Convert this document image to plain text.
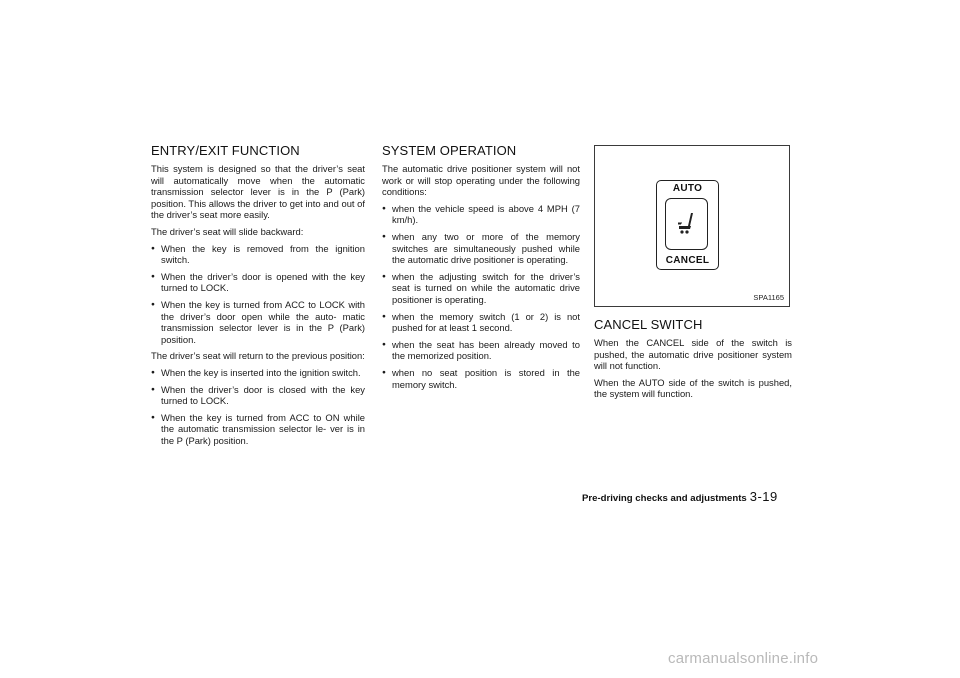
ENTRY/EXIT FUNCTION

This system is designed so that the driver’s seat will automatically move when the automatic transmission selector lever is in the P (Park) position. This allows the driver to get into and out of the driver’s seat more easily.

The driver’s seat will slide backward:

● When the key is removed from the ignition switch.
● When the driver’s door is opened with the key turned to LOCK.
● When the key is turned from ACC to LOCK with the driver’s door open while the auto- matic transmission selector lever is in the P (Park) position.

The driver’s seat will return to the previous position:

● When the key is inserted into the ignition switch.
● When the driver’s door is closed with the key turned to LOCK.
● When the key is turned from ACC to ON while the automatic transmission selector le- ver is in the P (Park) position.
SYSTEM OPERATION

The automatic drive positioner system will not work or will stop operating under the following conditions:

● when the vehicle speed is above 4 MPH (7 km/h).
● when any two or more of the memory switches are simultaneously pushed while the automatic drive positioner is operating.
● when the adjusting switch for the driver’s seat is turned on while the automatic drive positioner is operating.
● when the memory switch (1 or 2) is not pushed for at least 1 second.
● when the seat has been already moved to the memorized position.
● when no seat position is stored in the memory switch.
AUTO
CANCEL
SPA1165
CANCEL SWITCH

When the CANCEL side of the switch is pushed, the automatic drive positioner system will not function.

When the AUTO side of the switch is pushed, the system will function.

Pre-driving checks and adjustments 3-19
carmanualsonline.info
